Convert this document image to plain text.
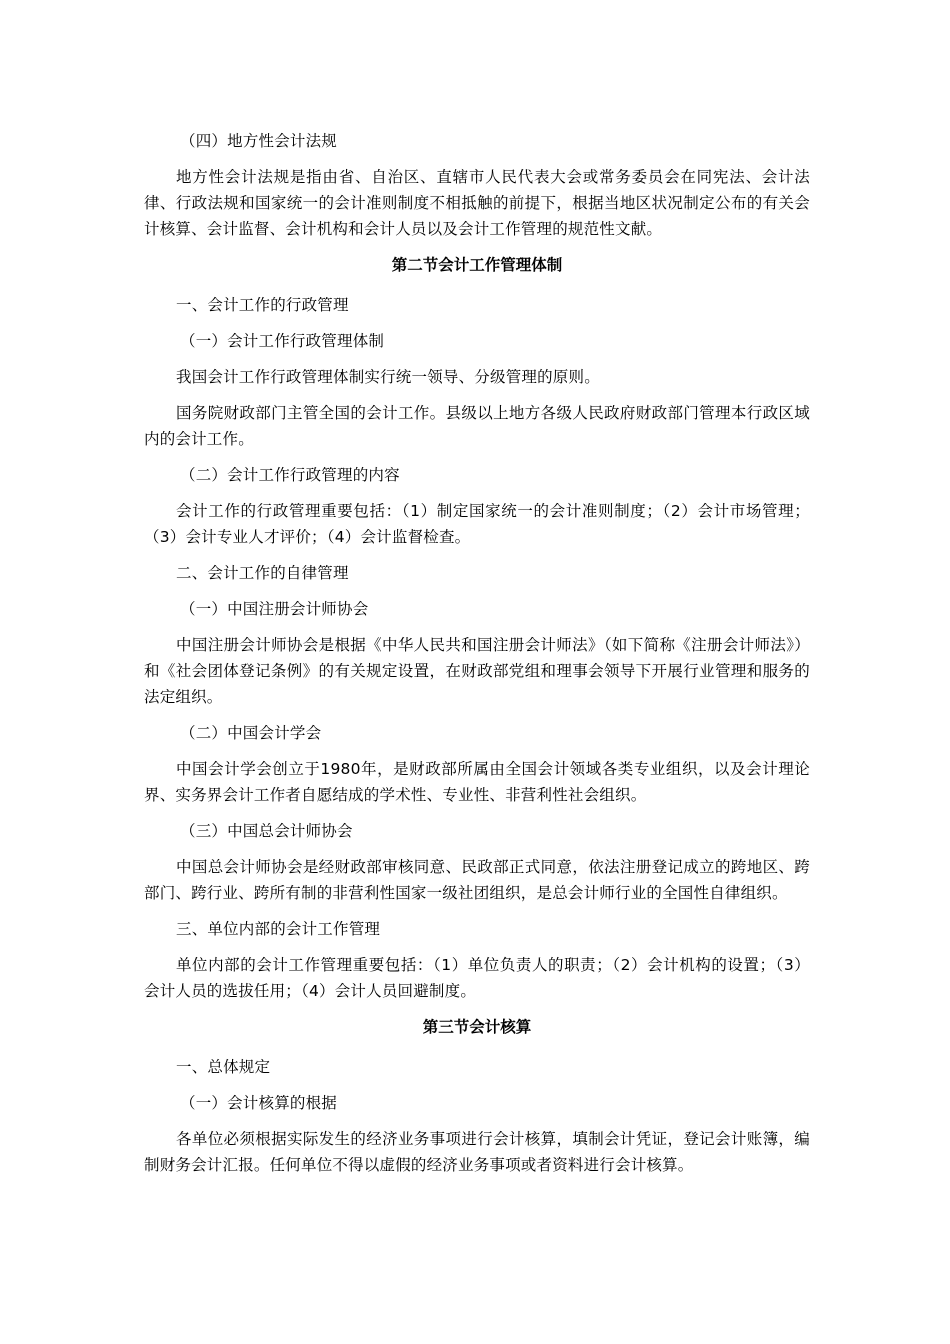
（四）地方性会计法规

地方性会计法规是指由省、自治区、直辖市人民代表大会或常务委员会在同宪法、会计法律、行政法规和国家统一的会计准则制度不相抵触的前提下，根据当地区状况制定公布的有关会计核算、会计监督、会计机构和会计人员以及会计工作管理的规范性文献。

第二节会计工作管理体制

一、会计工作的行政管理

（一）会计工作行政管理体制

我国会计工作行政管理体制实行统一领导、分级管理的原则。

国务院财政部门主管全国的会计工作。县级以上地方各级人民政府财政部门管理本行政区域内的会计工作。

（二）会计工作行政管理的内容

会计工作的行政管理重要包括：（1）制定国家统一的会计准则制度；（2）会计市场管理；（3）会计专业人才评价；（4）会计监督检查。

二、会计工作的自律管理

（一）中国注册会计师协会

中国注册会计师协会是根据《中华人民共和国注册会计师法》（如下简称《注册会计师法》）和《社会团体登记条例》的有关规定设置，在财政部党组和理事会领导下开展行业管理和服务的法定组织。

（二）中国会计学会

中国会计学会创立于1980年，是财政部所属由全国会计领域各类专业组织，以及会计理论界、实务界会计工作者自愿结成的学术性、专业性、非营利性社会组织。

（三）中国总会计师协会

中国总会计师协会是经财政部审核同意、民政部正式同意，依法注册登记成立的跨地区、跨部门、跨行业、跨所有制的非营利性国家一级社团组织，是总会计师行业的全国性自律组织。

三、单位内部的会计工作管理

单位内部的会计工作管理重要包括：（1）单位负责人的职责；（2）会计机构的设置；（3）会计人员的选拔任用；（4）会计人员回避制度。

第三节会计核算

一、总体规定

（一）会计核算的根据

各单位必须根据实际发生的经济业务事项进行会计核算，填制会计凭证，登记会计账簿，编制财务会计汇报。任何单位不得以虚假的经济业务事项或者资料进行会计核算。
